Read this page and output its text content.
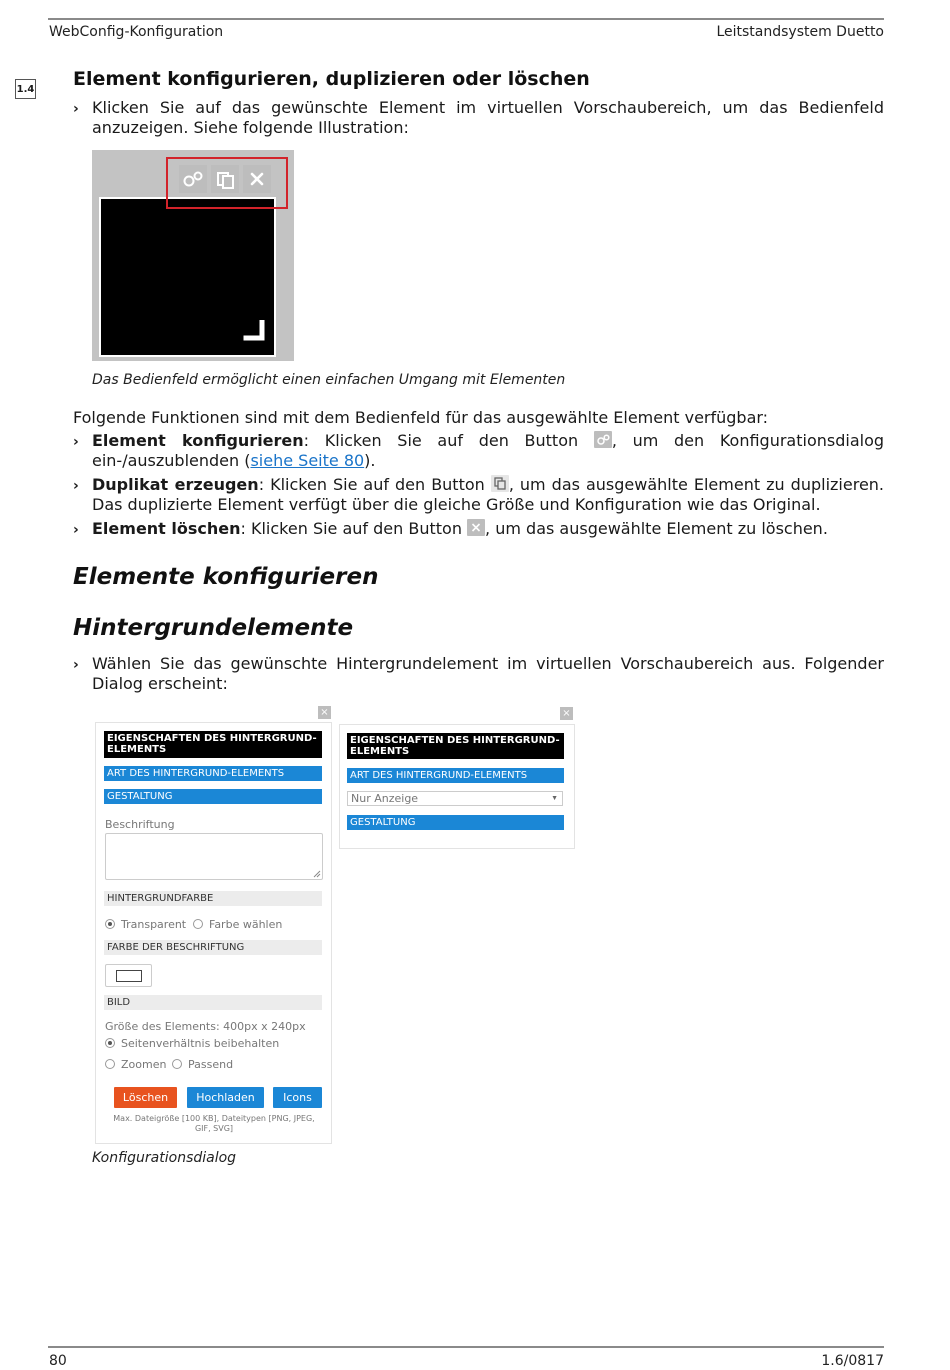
WebConfig-Konfiguration	Leitstandsystem Duetto
1.4 Element konfigurieren, duplizieren oder löschen
› Klicken Sie auf das gewünschte Element im virtuellen Vorschaubereich, um das Bedienfeld anzuzeigen. Siehe folgende Illustration:
Das Bedienfeld ermöglicht einen einfachen Umgang mit Elementen
Folgende Funktionen sind mit dem Bedienfeld für das ausgewählte Element verfügbar:
› Element konfigurieren: Klicken Sie auf den Button
, um den Konfigurationsdialog ein-/auszublenden (siehe Seite 80).
› Duplikat erzeugen: Klicken Sie auf den Button
, um das ausgewählte Element zu duplizieren. Das duplizierte Element verfügt über die gleiche Größe und Konfiguration wie das Original.
› Element löschen: Klicken Sie auf den Button
, um das ausgewählte Element zu löschen.
Elemente konfigurieren
Hintergrundelemente
› Wählen Sie das gewünschte Hintergrundelement im virtuellen Vorschaubereich aus. Folgender Dialog erscheint:
×
EIGENSCHAFTEN DES HINTERGRUND-ELEMENTS
ART DES HINTERGRUND-ELEMENTS
GESTALTUNG
Beschriftung
HINTERGRUNDFARBE
Transparent	Farbe wählen
FARBE DER BESCHRIFTUNG
BILD
Größe des Elements: 400px x 240px
Seitenverhältnis beibehalten
Zoomen	Passend
Löschen	Hochladen	Icons
Max. Dateigröße [100 KB], Dateitypen [PNG, JPEG, GIF, SVG]
×
EIGENSCHAFTEN DES HINTERGRUND-ELEMENTS
ART DES HINTERGRUND-ELEMENTS
Nur Anzeige	▼
GESTALTUNG
Konfigurationsdialog
80	1.6/0817
